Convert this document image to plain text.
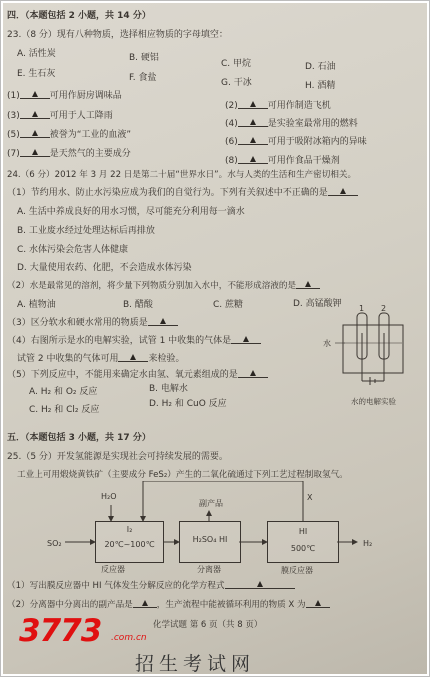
四．（本题包括 2 小题，共 14 分）
23.（8 分）现有八种物质，选择相应物质的字母填空：
A. 活性炭	B. 硬铝
C. 甲烷	D. 石油
E. 生石灰	F. 食盐	G. 干冰	H. 酒精
(1)	可用作厨房调味品
(3)	可用于人工降雨
(5)	被誉为“工业的血液”
(7)	是天然气的主要成分
(2)	可用作制造飞机
(4)	是实验室最常用的燃料
(6)	可用于吸附冰箱内的异味
(8)	可用作食品干燥剂
24.（6 分）2012 年 3 月 22 日是第二十届“世界水日”。水与人类的生活和生产密切相关。
（1）节约用水、防止水污染应成为我们的自觉行为。下列有关叙述中不正确的是
A. 生活中养成良好的用水习惯，尽可能充分利用每一滴水
B. 工业废水经过处理达标后再排放
C. 水体污染会危害人体健康
D. 大量使用农药、化肥，不会造成水体污染
（2）水是最常见的溶剂，将少量下列物质分别加入水中，不能形成溶液的是
A. 植物油	B. 醋酸	C. 蔗糖	D. 高锰酸钾
（3）区分软水和硬水常用的物质是
（4）右图所示是水的电解实验，试管 1 中收集的气体是
试管 2 中收集的气体可用	来检验。
（5）下列反应中，不能用来确定水由氢、氧元素组成的是
A. H₂ 和 O₂ 反应	B. 电解水
C. H₂ 和 Cl₂ 反应
D. H₂ 和 CuO 反应
1 2
水
水的电解实验
五．（本题包括 3 小题，共 17 分）
25.（5 分）开发氢能源是实现社会可持续发展的需要。
工业上可用煅烧黄铁矿（主要成分 FeS₂）产生的二氧化硫通过下列工艺过程制取氢气。
H₂O
副产品
X
SO₂
I₂
20℃~100℃
反应器
H₂SO₄ HI
分离器
HI
500℃
膜反应器
H₂
（1）写出膜反应器中 HI 气体发生分解反应的化学方程式
（2）分离器中分离出的副产品是	，生产流程中能被循环利用的物质 X 为
化学试题 第 6 页（共 8 页）
3773 .com.cn
招生考试网
